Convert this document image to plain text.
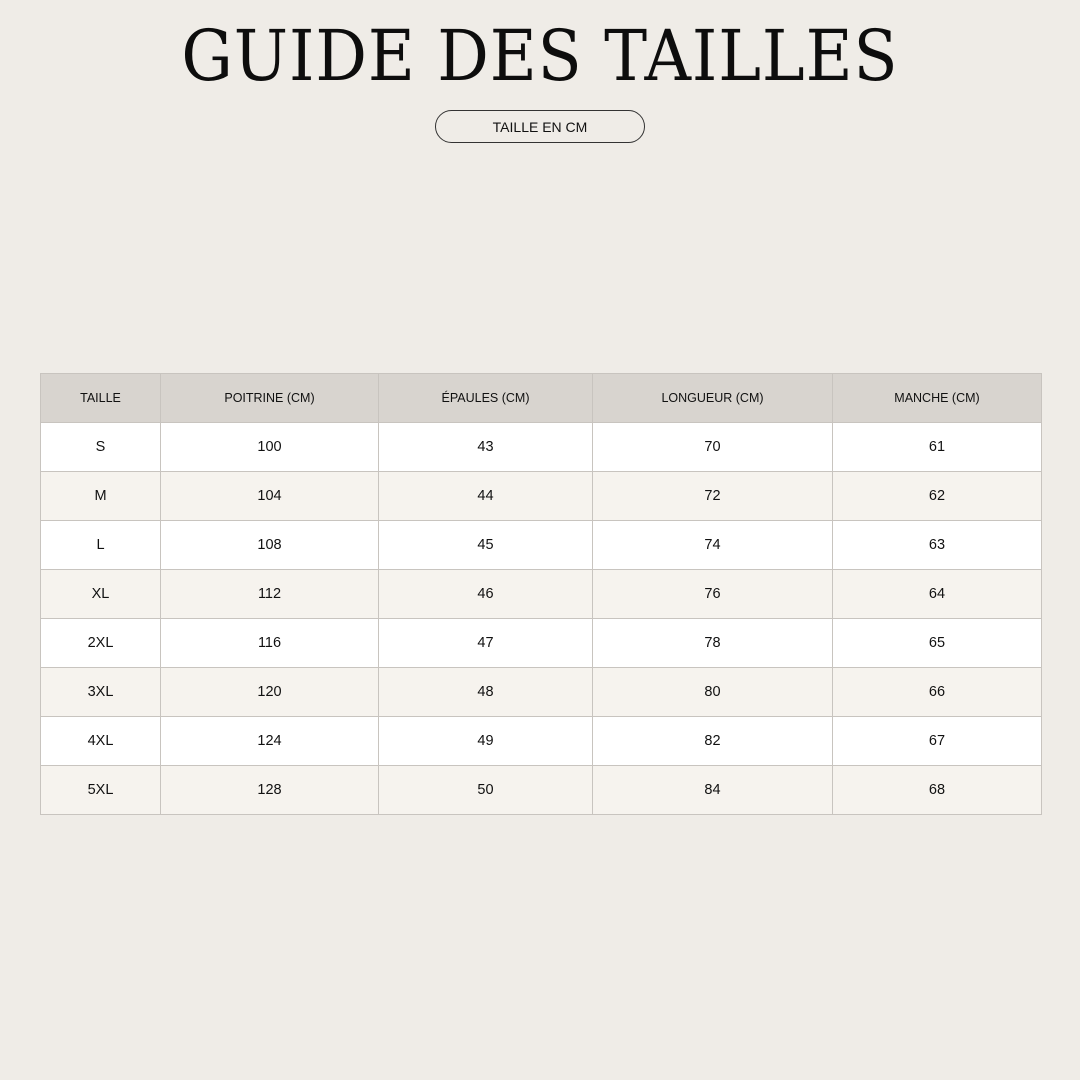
GUIDE DES TAILLES
TAILLE EN CM
TAILLE	POITRINE (CM)	ÉPAULES (CM)	LONGUEUR (CM)	MANCHE (CM)
S	100	43	70	61
M	104	44	72	62
L	108	45	74	63
XL	112	46	76	64
2XL	116	47	78	65
3XL	120	48	80	66
4XL	124	49	82	67
5XL	128	50	84	68
